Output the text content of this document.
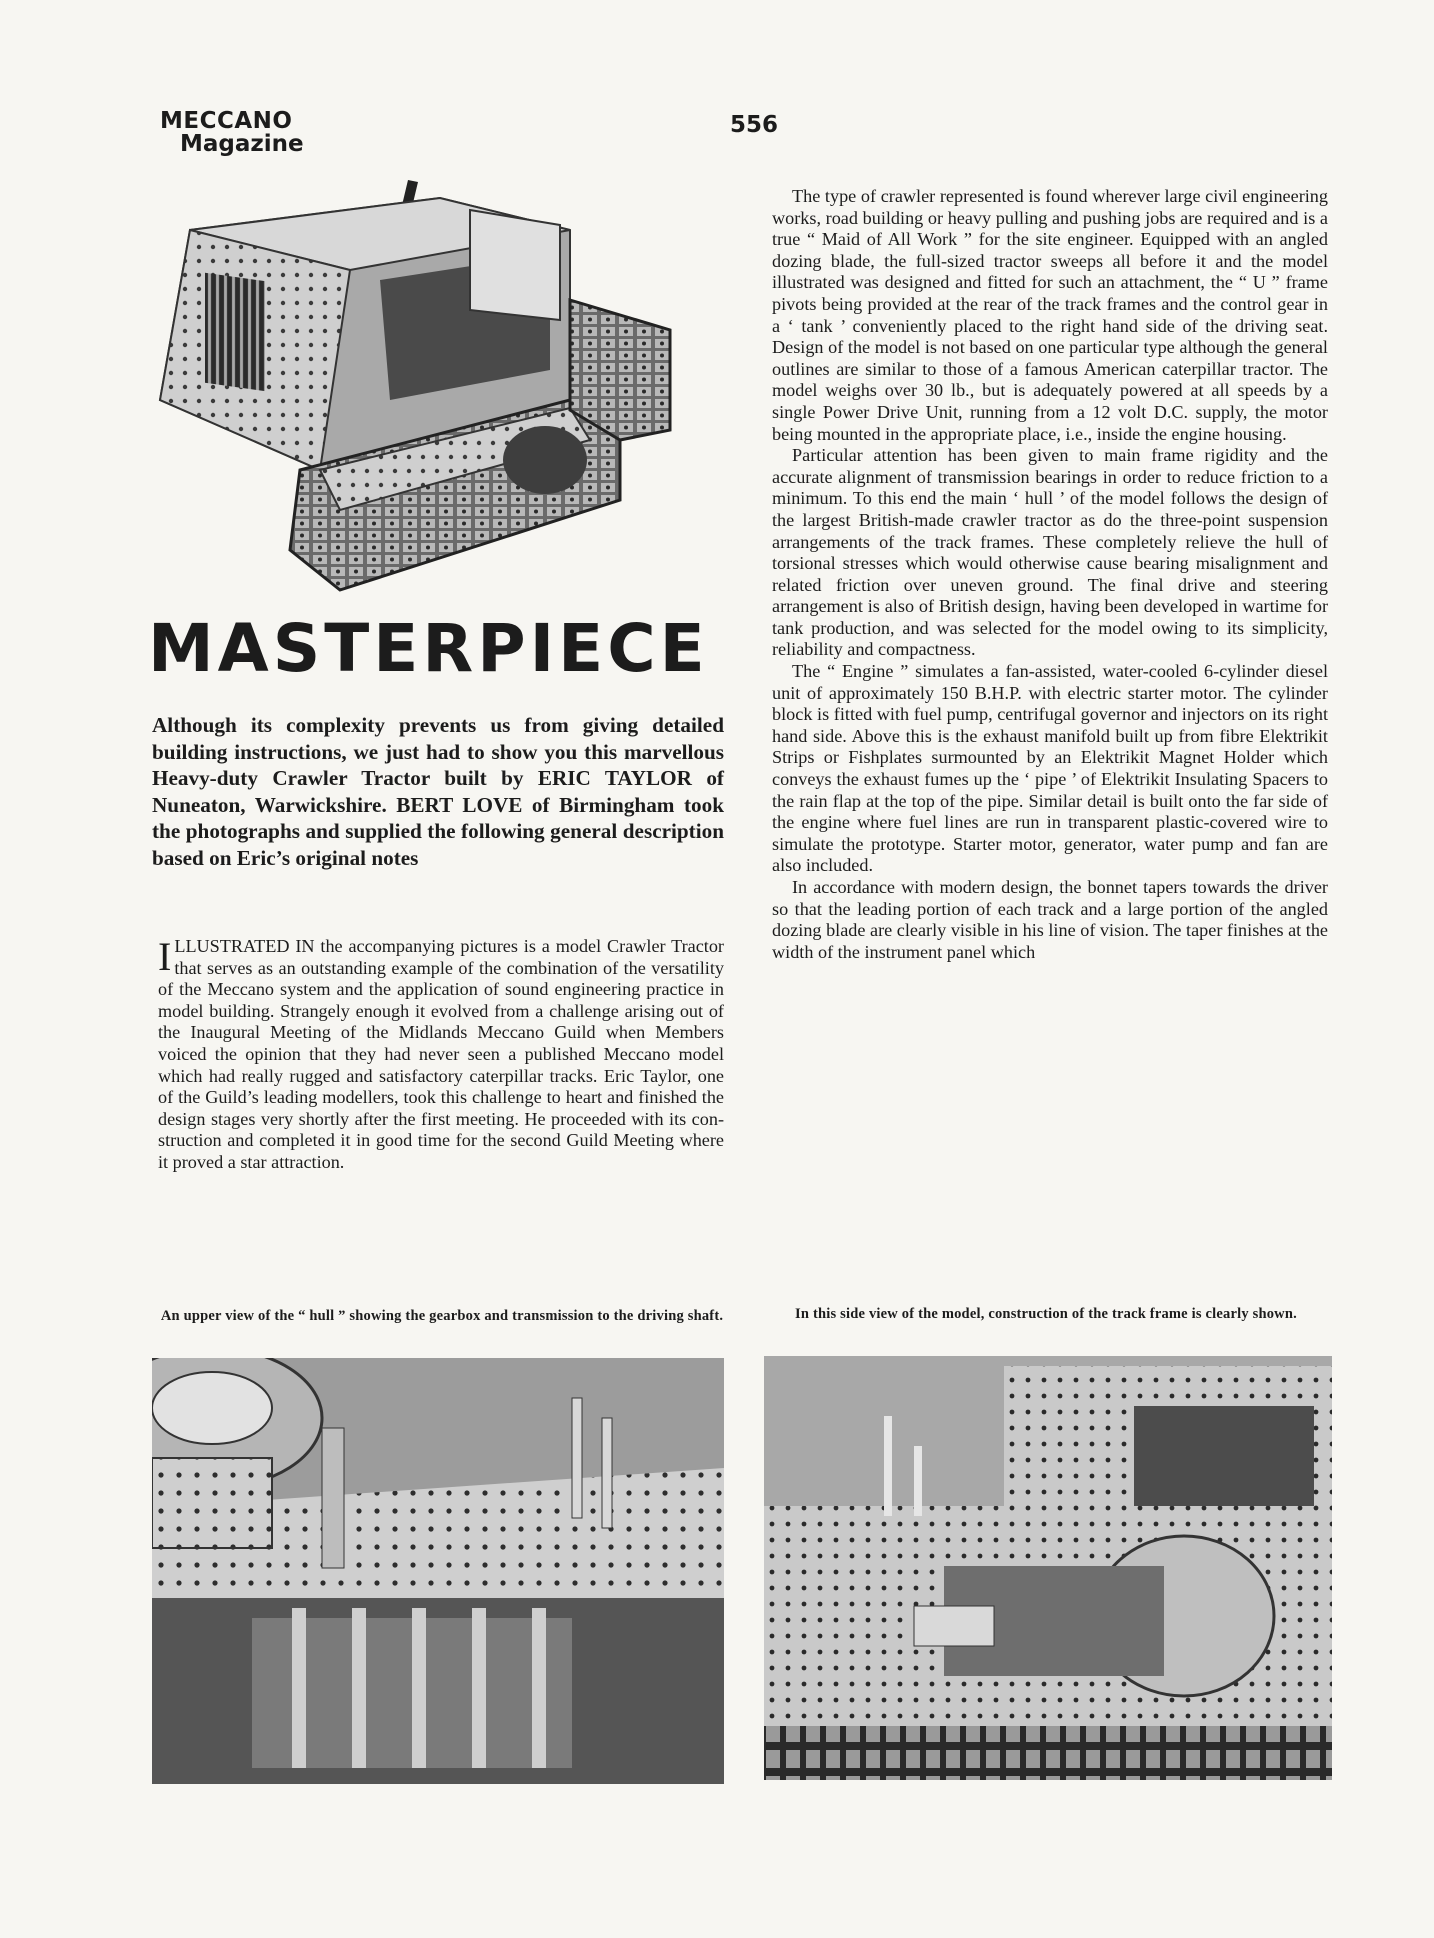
MECCANO
Magazine
556
MASTERPIECE
Although its complexity prevents us from giving detailed building instructions, we just had to show you this marvellous Heavy-duty Crawler Tractor built by ERIC TAYLOR of Nuneaton, Warwickshire. BERT LOVE of Birmingham took the photographs and supplied the following general description based on Eric’s original notes

ILLUSTRATED IN the accompanying pictures is a model Crawler Tractor that serves as an outstanding example of the combination of the versatility of the Meccano system and the application of sound engineering practice in model building. Strangely enough it evolved from a challenge arising out of the Inaugural Meeting of the Midlands Meccano Guild when Members voiced the opinion that they had never seen a published Meccano model which had really rugged and satisfactory caterpillar tracks. Eric Taylor, one of the Guild’s leading modellers, took this challenge to heart and finished the design stages very shortly after the first meeting. He proceeded with its construction and completed it in good time for the second Guild Meeting where it proved a star attraction.

The type of crawler represented is found wherever large civil engineering works, road building or heavy pulling and pushing jobs are required and is a true “ Maid of All Work ” for the site engineer. Equipped with an angled dozing blade, the full-sized tractor sweeps all before it and the model illustrated was designed and fitted for such an attachment, the “ U ” frame pivots being provided at the rear of the track frames and the control gear in a ‘ tank ’ conveniently placed to the right hand side of the driving seat. Design of the model is not based on one particular type although the general outlines are similar to those of a famous American caterpillar tractor. The model weighs over 30 lb., but is adequately powered at all speeds by a single Power Drive Unit, running from a 12 volt D.C. supply, the motor being mounted in the appropriate place, i.e., inside the engine housing.

Particular attention has been given to main frame rigidity and the accurate alignment of transmission bearings in order to reduce friction to a minimum. To this end the main ‘ hull ’ of the model follows the design of the largest British-made crawler tractor as do the three-point suspension arrangements of the track frames. These completely relieve the hull of torsional stresses which would otherwise cause bearing misalignment and related friction over uneven ground. The final drive and steering arrangement is also of British design, having been developed in wartime for tank production, and was selected for the model owing to its simplicity, reliability and compactness.

The “ Engine ” simulates a fan-assisted, water-cooled 6-cylinder diesel unit of approximately 150 B.H.P. with electric starter motor. The cylinder block is fitted with fuel pump, centrifugal governor and injectors on its right hand side. Above this is the exhaust manifold built up from fibre Elektrikit Strips or Fishplates surmounted by an Elektrikit Magnet Holder which conveys the exhaust fumes up the ‘ pipe ’ of Elektrikit Insulating Spacers to the rain flap at the top of the pipe. Similar detail is built onto the far side of the engine where fuel lines are run in transparent plastic-covered wire to simulate the prototype. Starter motor, generator, water pump and fan are also included.

In accordance with modern design, the bonnet tapers towards the driver so that the leading portion of each track and a large portion of the angled dozing blade are clearly visible in his line of vision. The taper finishes at the width of the instrument panel which

An upper view of the “ hull ” showing the gearbox and transmission to the driving shaft.	In this side view of the model, construction of the track frame is clearly shown.
